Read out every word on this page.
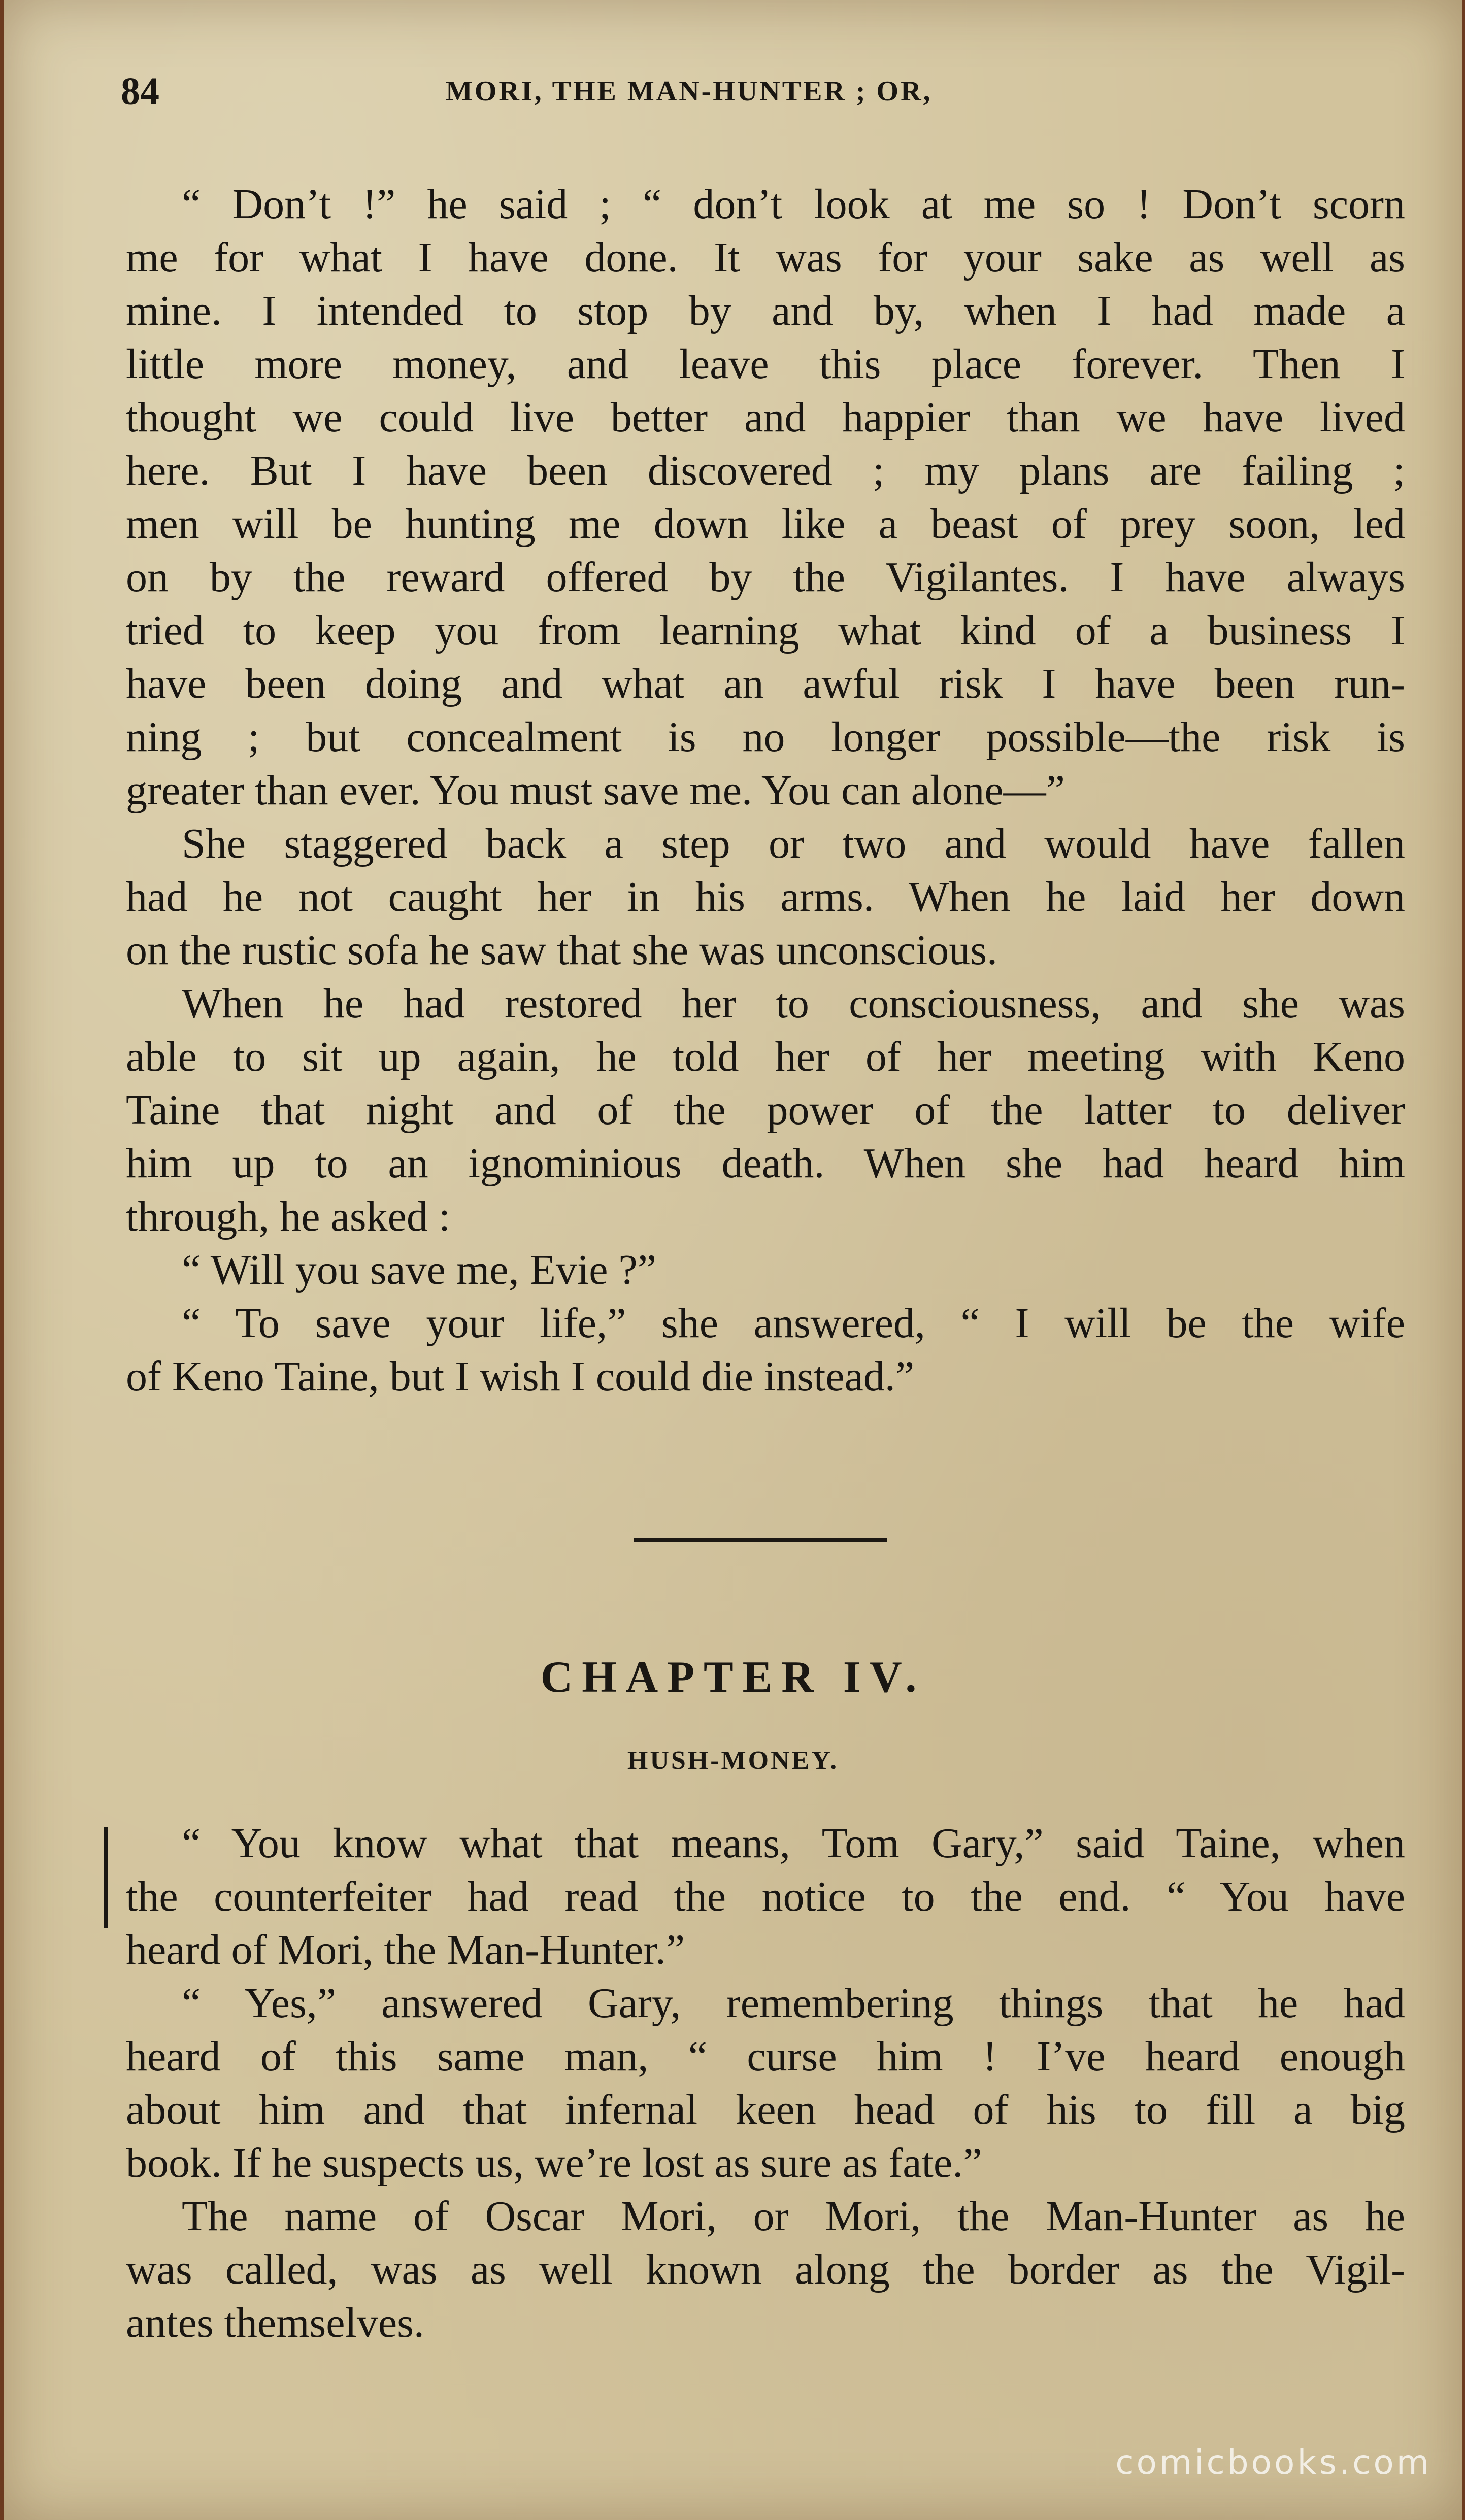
84	MORI, THE MAN-HUNTER ; OR,
“ Don’t !” he said ; “ don’t look at me so ! Don’t scorn
me for what I have done. It was for your sake as well as
mine. I intended to stop by and by, when I had made a
little more money, and leave this place forever. Then I
thought we could live better and happier than we have lived
here. But I have been discovered ; my plans are failing ;
men will be hunting me down like a beast of prey soon, led
on by the reward offered by the Vigilantes. I have always
tried to keep you from learning what kind of a business I
have been doing and what an awful risk I have been run-
ning ; but concealment is no longer possible—the risk is
greater than ever. You must save me. You can alone—”
She staggered back a step or two and would have fallen
had he not caught her in his arms. When he laid her down
on the rustic sofa he saw that she was unconscious.
When he had restored her to consciousness, and she was
able to sit up again, he told her of her meeting with Keno
Taine that night and of the power of the latter to deliver
him up to an ignominious death. When she had heard him
through, he asked :
“ Will you save me, Evie ?”
“ To save your life,” she answered, “ I will be the wife
of Keno Taine, but I wish I could die instead.”
CHAPTER IV.
HUSH-MONEY.
“ You know what that means, Tom Gary,” said Taine, when
the counterfeiter had read the notice to the end. “ You have
heard of Mori, the Man-Hunter.”
“ Yes,” answered Gary, remembering things that he had
heard of this same man, “ curse him ! I’ve heard enough
about him and that infernal keen head of his to fill a big
book. If he suspects us, we’re lost as sure as fate.”
The name of Oscar Mori, or Mori, the Man-Hunter as he
was called, was as well known along the border as the Vigil-
antes themselves.
comicbooks.com
